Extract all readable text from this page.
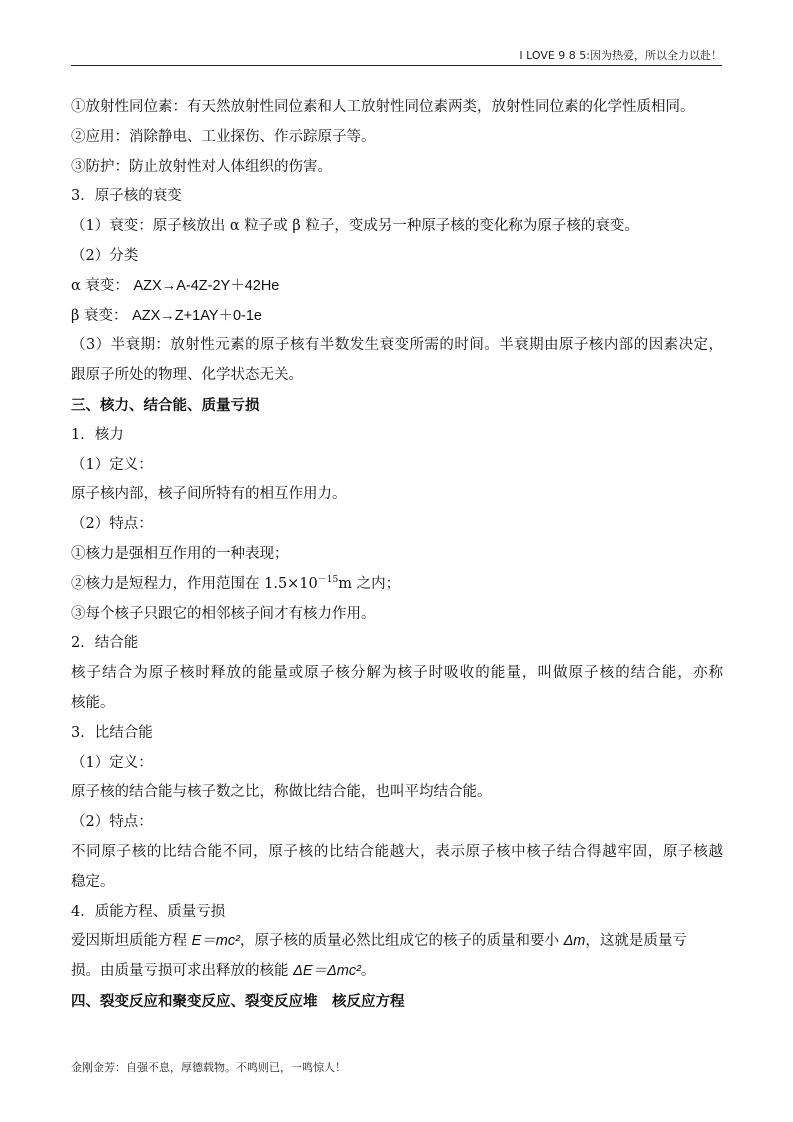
I LOVE 9 8 5:因为热爱，所以全力以赴！
①放射性同位素：有天然放射性同位素和人工放射性同位素两类，放射性同位素的化学性质相同。
②应用：消除静电、工业探伤、作示踪原子等。
③防护：防止放射性对人体组织的伤害。
3．原子核的衰变
（1）衰变：原子核放出 α 粒子或 β 粒子，变成另一种原子核的变化称为原子核的衰变。
（2）分类
α 衰变： AZX→A-4Z-2Y＋42He
β 衰变： AZX→Z+1AY＋0-1e
（3）半衰期：放射性元素的原子核有半数发生衰变所需的时间。半衰期由原子核内部的因素决定，
跟原子所处的物理、化学状态无关。
三、核力、结合能、质量亏损
1．核力
（1）定义：
原子核内部，核子间所特有的相互作用力。
（2）特点：
①核力是强相互作用的一种表现；
②核力是短程力，作用范围在 $1.5\times 10^{-15}m$ 之内；
③每个核子只跟它的相邻核子间才有核力作用。
2．结合能
核子结合为原子核时释放的能量或原子核分解为核子时吸收的能量，叫做原子核的结合能，亦称
核能。
3．比结合能
（1）定义：
原子核的结合能与核子数之比，称做比结合能，也叫平均结合能。
（2）特点：
不同原子核的比结合能不同，原子核的比结合能越大，表示原子核中核子结合得越牢固，原子核越
稳定。
4．质能方程、质量亏损
爱因斯坦质能方程 E＝mc²，原子核的质量必然比组成它的核子的质量和要小 Δm，这就是质量亏
损。由质量亏损可求出释放的核能 ΔE＝Δmc²。
四、裂变反应和聚变反应、裂变反应堆　核反应方程
金刚金芳：自强不息，厚德载物。不鸣则已，一鸣惊人！
